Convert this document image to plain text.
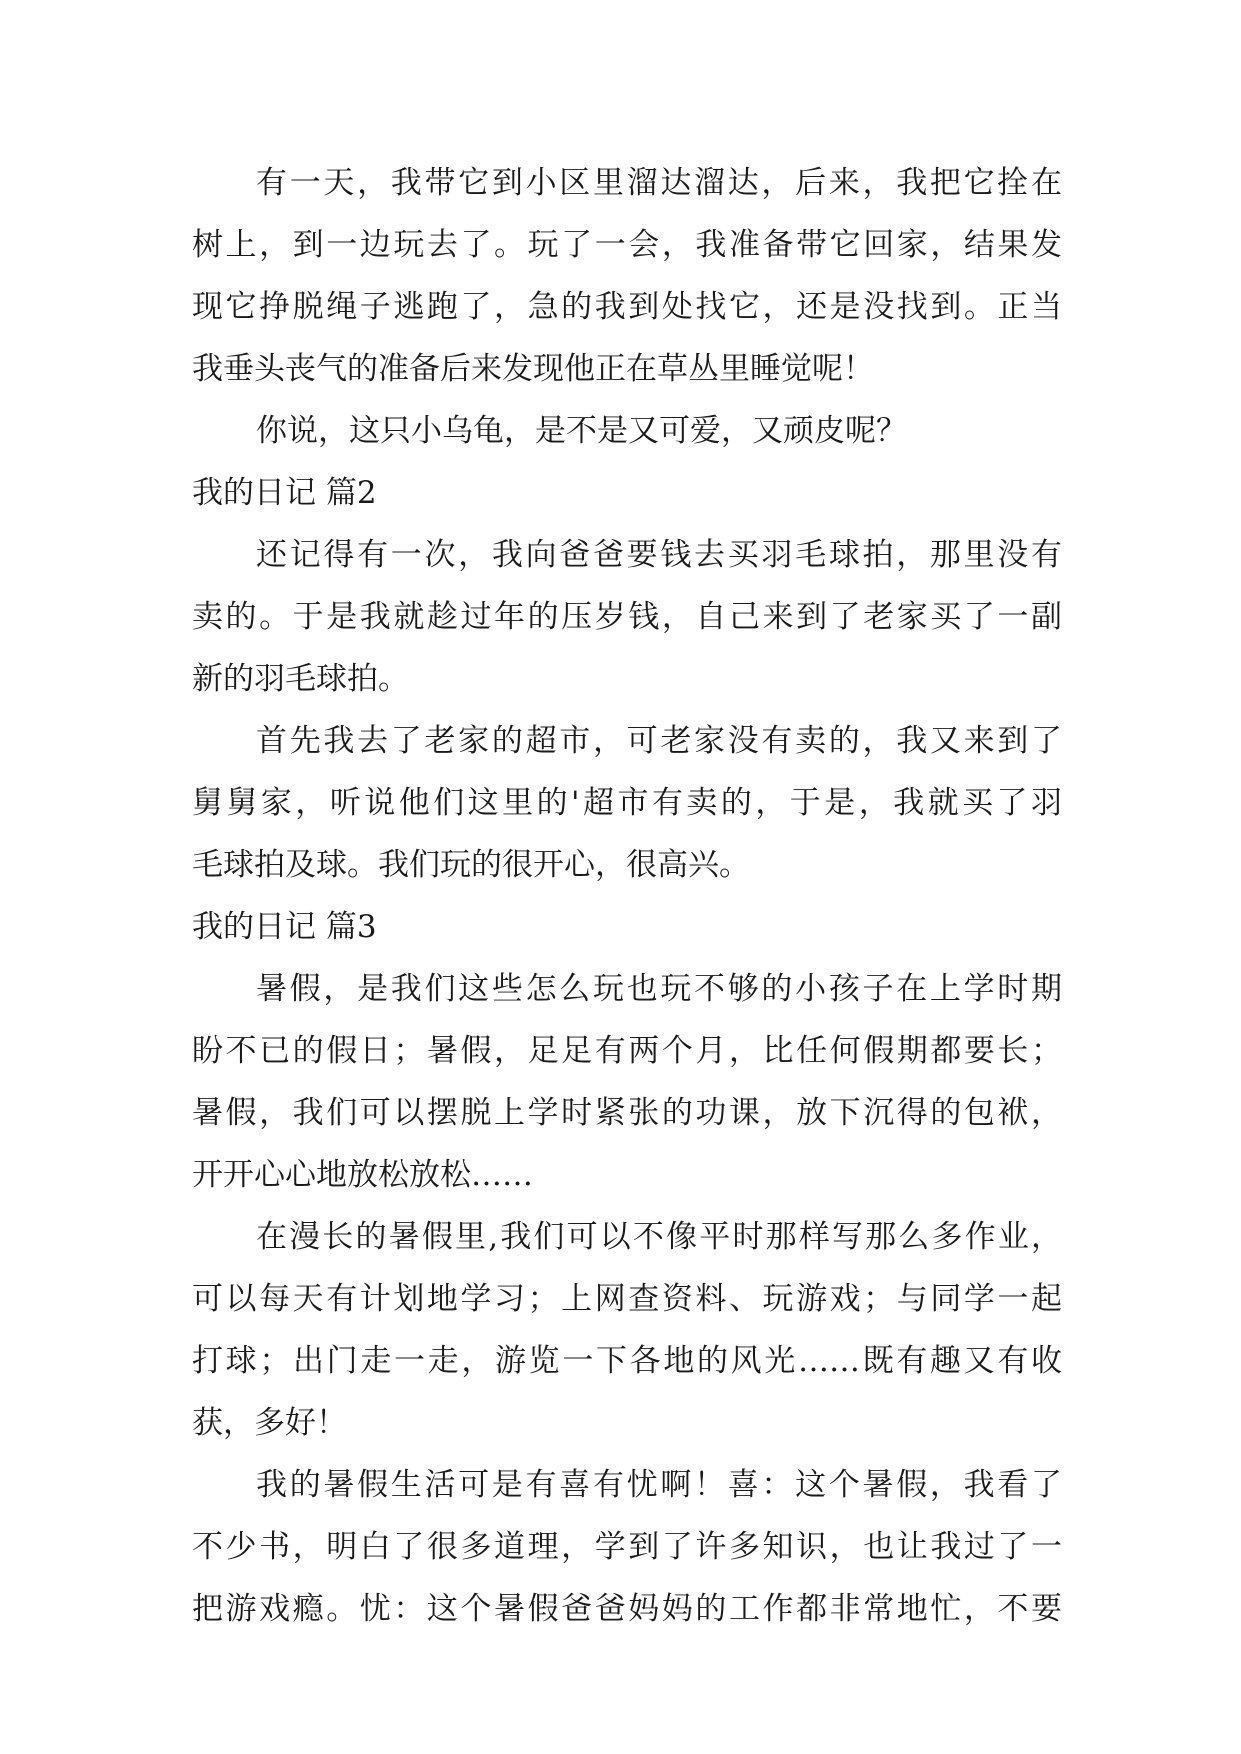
有一天，我带它到小区里溜达溜达，后来，我把它拴在
树上，到一边玩去了。玩了一会，我准备带它回家，结果发
现它挣脱绳子逃跑了，急的我到处找它，还是没找到。正当
我垂头丧气的准备后来发现他正在草丛里睡觉呢！
你说，这只小乌龟，是不是又可爱，又顽皮呢？
我的日记 篇2
还记得有一次，我向爸爸要钱去买羽毛球拍，那里没有
卖的。于是我就趁过年的压岁钱，自己来到了老家买了一副
新的羽毛球拍。
首先我去了老家的超市，可老家没有卖的，我又来到了
舅舅家，听说他们这里的'超市有卖的，于是，我就买了羽
毛球拍及球。我们玩的很开心，很高兴。
我的日记 篇3
暑假，是我们这些怎么玩也玩不够的小孩子在上学时期
盼不已的假日；暑假，足足有两个月，比任何假期都要长；
暑假，我们可以摆脱上学时紧张的功课，放下沉得的包袱，
开开心心地放松放松……
在漫长的暑假里,我们可以不像平时那样写那么多作业，
可以每天有计划地学习；上网查资料、玩游戏；与同学一起
打球；出门走一走，游览一下各地的风光……既有趣又有收
获，多好！
我的暑假生活可是有喜有忧啊！喜：这个暑假，我看了
不少书，明白了很多道理，学到了许多知识，也让我过了一
把游戏瘾。忧：这个暑假爸爸妈妈的工作都非常地忙，不要
